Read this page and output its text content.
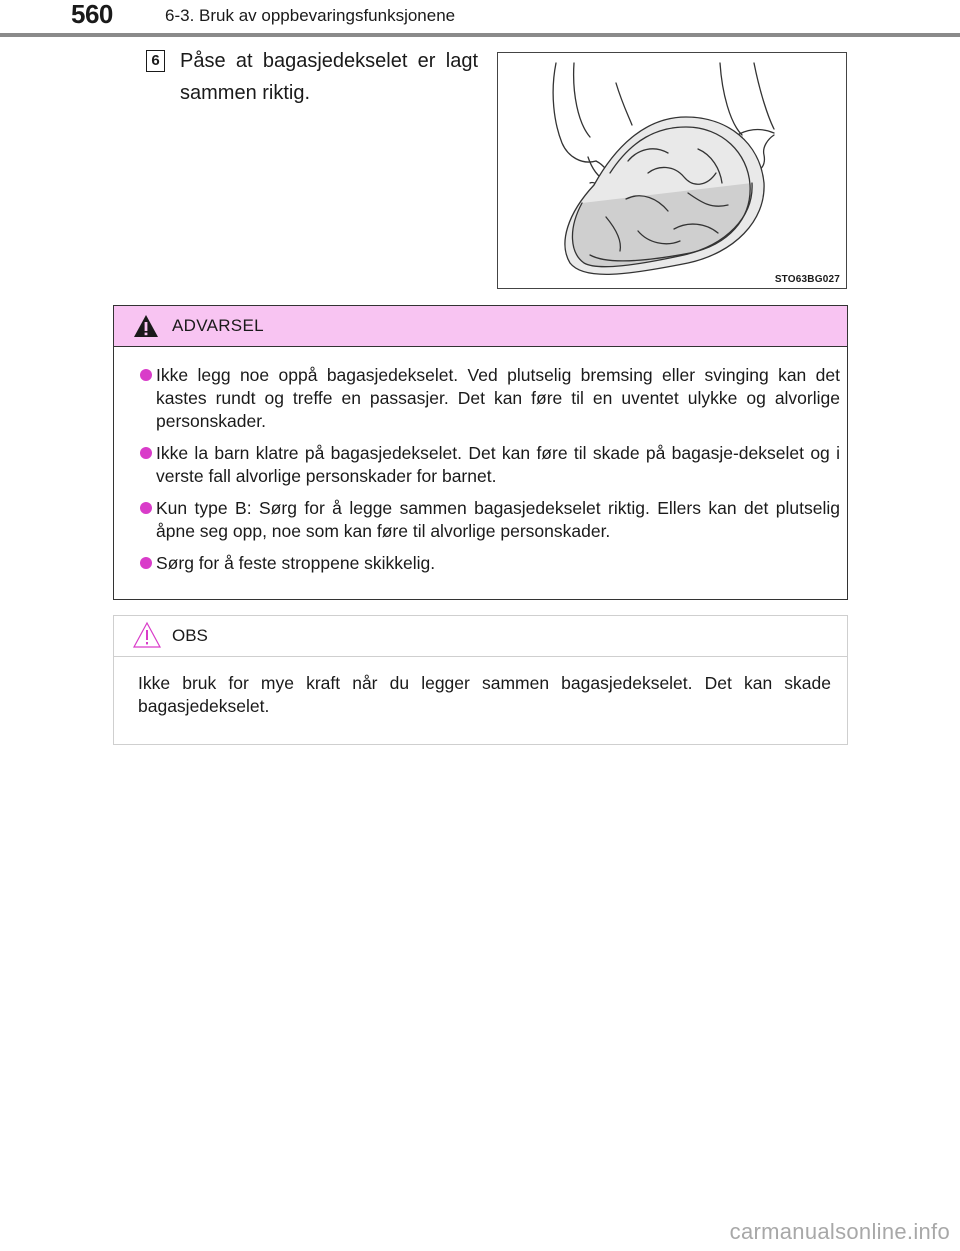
560	6-3. Bruk av oppbevaringsfunksjonene
6 Påse at bagasjedekselet er lagt sammen riktig.
STO63BG027
ADVARSEL
Ikke legg noe oppå bagasjedekselet. Ved plutselig bremsing eller svinging kan det kastes rundt og treffe en passasjer. Det kan føre til en uventet ulykke og alvorlige personskader.
Ikke la barn klatre på bagasjedekselet. Det kan føre til skade på bagasje-dekselet og i verste fall alvorlige personskader for barnet.
Kun type B: Sørg for å legge sammen bagasjedekselet riktig. Ellers kan det plutselig åpne seg opp, noe som kan føre til alvorlige personskader.
Sørg for å feste stroppene skikkelig.
OBS
Ikke bruk for mye kraft når du legger sammen bagasjedekselet. Det kan skade bagasjedekselet.
carmanualsonline.info
